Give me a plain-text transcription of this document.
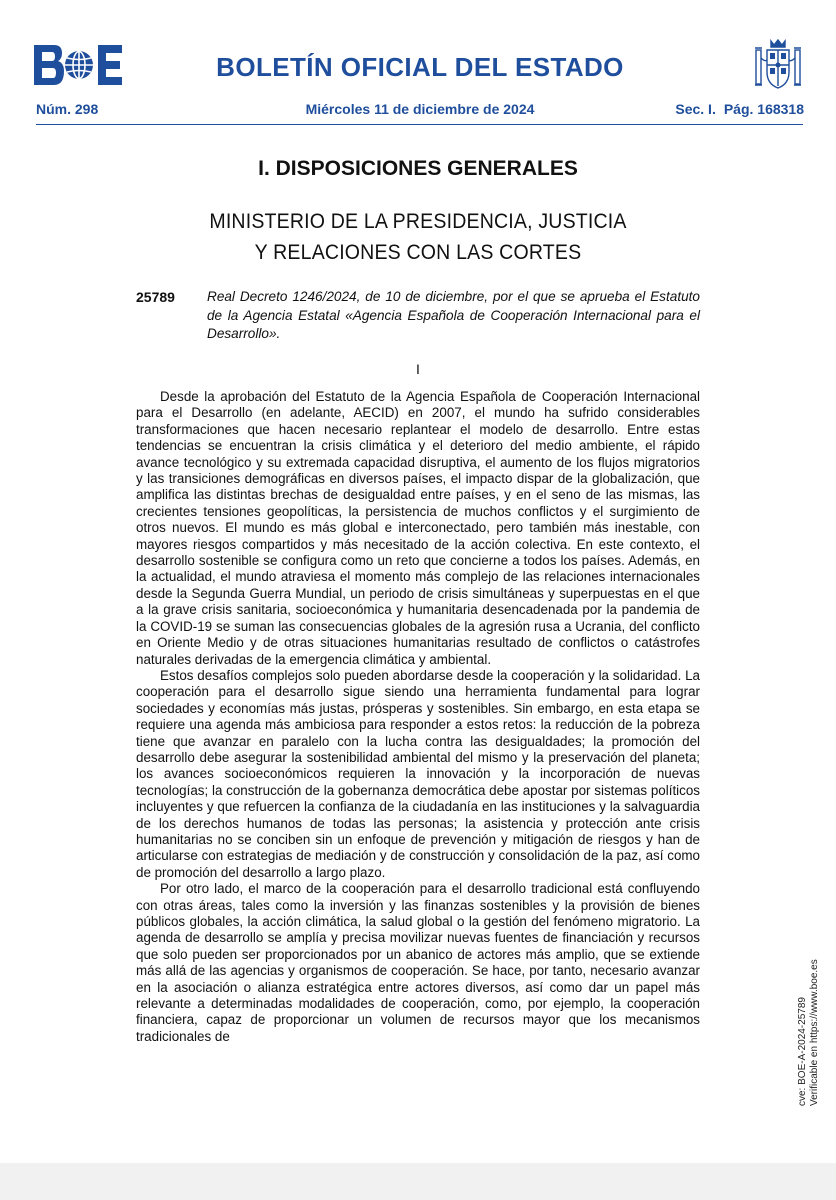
BOLETÍN OFICIAL DEL ESTADO
Núm. 298	Miércoles 11 de diciembre de 2024	Sec. I. Pág. 168318
I. DISPOSICIONES GENERALES
MINISTERIO DE LA PRESIDENCIA, JUSTICIA
Y RELACIONES CON LAS CORTES
25789 Real Decreto 1246/2024, de 10 de diciembre, por el que se aprueba el Estatuto de la Agencia Estatal «Agencia Española de Cooperación Internacional para el Desarrollo».
I

Desde la aprobación del Estatuto de la Agencia Española de Cooperación Internacional para el Desarrollo (en adelante, AECID) en 2007, el mundo ha sufrido considerables transformaciones que hacen necesario replantear el modelo de desarrollo. Entre estas tendencias se encuentran la crisis climática y el deterioro del medio ambiente, el rápido avance tecnológico y su extremada capacidad disruptiva, el aumento de los flujos migratorios y las transiciones demográficas en diversos países, el impacto dispar de la globalización, que amplifica las distintas brechas de desigualdad entre países, y en el seno de las mismas, las crecientes tensiones geopolíticas, la persistencia de muchos conflictos y el surgimiento de otros nuevos. El mundo es más global e interconectado, pero también más inestable, con mayores riesgos compartidos y más necesitado de la acción colectiva. En este contexto, el desarrollo sostenible se configura como un reto que concierne a todos los países. Además, en la actualidad, el mundo atraviesa el momento más complejo de las relaciones internacionales desde la Segunda Guerra Mundial, un periodo de crisis simultáneas y superpuestas en el que a la grave crisis sanitaria, socioeconómica y humanitaria desencadenada por la pandemia de la COVID-19 se suman las consecuencias globales de la agresión rusa a Ucrania, del conflicto en Oriente Medio y de otras situaciones humanitarias resultado de conflictos o catástrofes naturales derivadas de la emergencia climática y ambiental.

Estos desafíos complejos solo pueden abordarse desde la cooperación y la solidaridad. La cooperación para el desarrollo sigue siendo una herramienta fundamental para lograr sociedades y economías más justas, prósperas y sostenibles. Sin embargo, en esta etapa se requiere una agenda más ambiciosa para responder a estos retos: la reducción de la pobreza tiene que avanzar en paralelo con la lucha contra las desigualdades; la promoción del desarrollo debe asegurar la sostenibilidad ambiental del mismo y la preservación del planeta; los avances socioeconómicos requieren la innovación y la incorporación de nuevas tecnologías; la construcción de la gobernanza democrática debe apostar por sistemas políticos incluyentes y que refuercen la confianza de la ciudadanía en las instituciones y la salvaguardia de los derechos humanos de todas las personas; la asistencia y protección ante crisis humanitarias no se conciben sin un enfoque de prevención y mitigación de riesgos y han de articularse con estrategias de mediación y de construcción y consolidación de la paz, así como de promoción del desarrollo a largo plazo.

Por otro lado, el marco de la cooperación para el desarrollo tradicional está confluyendo con otras áreas, tales como la inversión y las finanzas sostenibles y la provisión de bienes públicos globales, la acción climática, la salud global o la gestión del fenómeno migratorio. La agenda de desarrollo se amplía y precisa movilizar nuevas fuentes de financiación y recursos que solo pueden ser proporcionados por un abanico de actores más amplio, que se extiende más allá de las agencias y organismos de cooperación. Se hace, por tanto, necesario avanzar en la asociación o alianza estratégica entre actores diversos, así como dar un papel más relevante a determinadas modalidades de cooperación, como, por ejemplo, la cooperación financiera, capaz de proporcionar un volumen de recursos mayor que los mecanismos tradicionales de	cve: BOE-A-2024-25789 Verificable en https://www.boe.es
